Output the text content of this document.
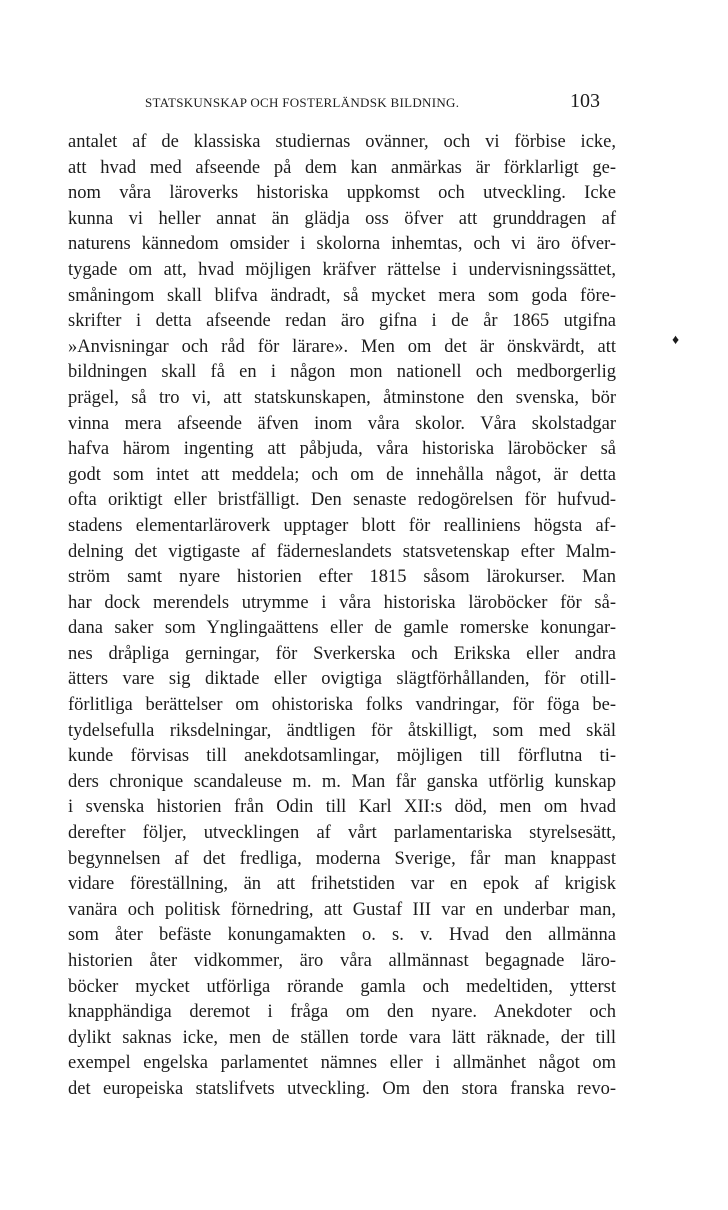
STATSKUNSKAP OCH FOSTERLÄNDSK BILDNING.	103
antalet af de klassiska studiernas ovänner, och vi förbise icke,
att hvad med afseende på dem kan anmärkas är förklarligt ge-
nom våra läroverks historiska uppkomst och utveckling. Icke
kunna vi heller annat än glädja oss öfver att grunddragen af
naturens kännedom omsider i skolorna inhemtas, och vi äro öfver-
tygade om att, hvad möjligen kräfver rättelse i undervisningssättet,
småningom skall blifva ändradt, så mycket mera som goda före-
skrifter i detta afseende redan äro gifna i de år 1865 utgifna
»Anvisningar och råd för lärare». Men om det är önskvärdt, att
bildningen skall få en i någon mon nationell och medborgerlig
prägel, så tro vi, att statskunskapen, åtminstone den svenska, bör
vinna mera afseende äfven inom våra skolor. Våra skolstadgar
hafva härom ingenting att påbjuda, våra historiska läroböcker så
godt som intet att meddela; och om de innehålla något, är detta
ofta oriktigt eller bristfälligt. Den senaste redogörelsen för hufvud-
stadens elementarläroverk upptager blott för realliniens högsta af-
delning det vigtigaste af fäderneslandets statsvetenskap efter Malm-
ström samt nyare historien efter 1815 såsom lärokurser. Man
har dock merendels utrymme i våra historiska läroböcker för så-
dana saker som Ynglingaättens eller de gamle romerske konungar-
nes dråpliga gerningar, för Sverkerska och Erikska eller andra
ätters vare sig diktade eller ovigtiga slägtförhållanden, för otill-
förlitliga berättelser om ohistoriska folks vandringar, för föga be-
tydelsefulla riksdelningar, ändtligen för åtskilligt, som med skäl
kunde förvisas till anekdotsamlingar, möjligen till förflutna ti-
ders chronique scandaleuse m. m. Man får ganska utförlig kunskap
i svenska historien från Odin till Karl XII:s död, men om hvad
derefter följer, utvecklingen af vårt parlamentariska styrelsesätt,
begynnelsen af det fredliga, moderna Sverige, får man knappast
vidare föreställning, än att frihetstiden var en epok af krigisk
vanära och politisk förnedring, att Gustaf III var en underbar man,
som åter befäste konungamakten o. s. v. Hvad den allmänna
historien åter vidkommer, äro våra allmännast begagnade läro-
böcker mycket utförliga rörande gamla och medeltiden, ytterst
knapphändiga deremot i fråga om den nyare. Anekdoter och
dylikt saknas icke, men de ställen torde vara lätt räknade, der till
exempel engelska parlamentet nämnes eller i allmänhet något om
det europeiska statslifvets utveckling. Om den stora franska revo-
♦
